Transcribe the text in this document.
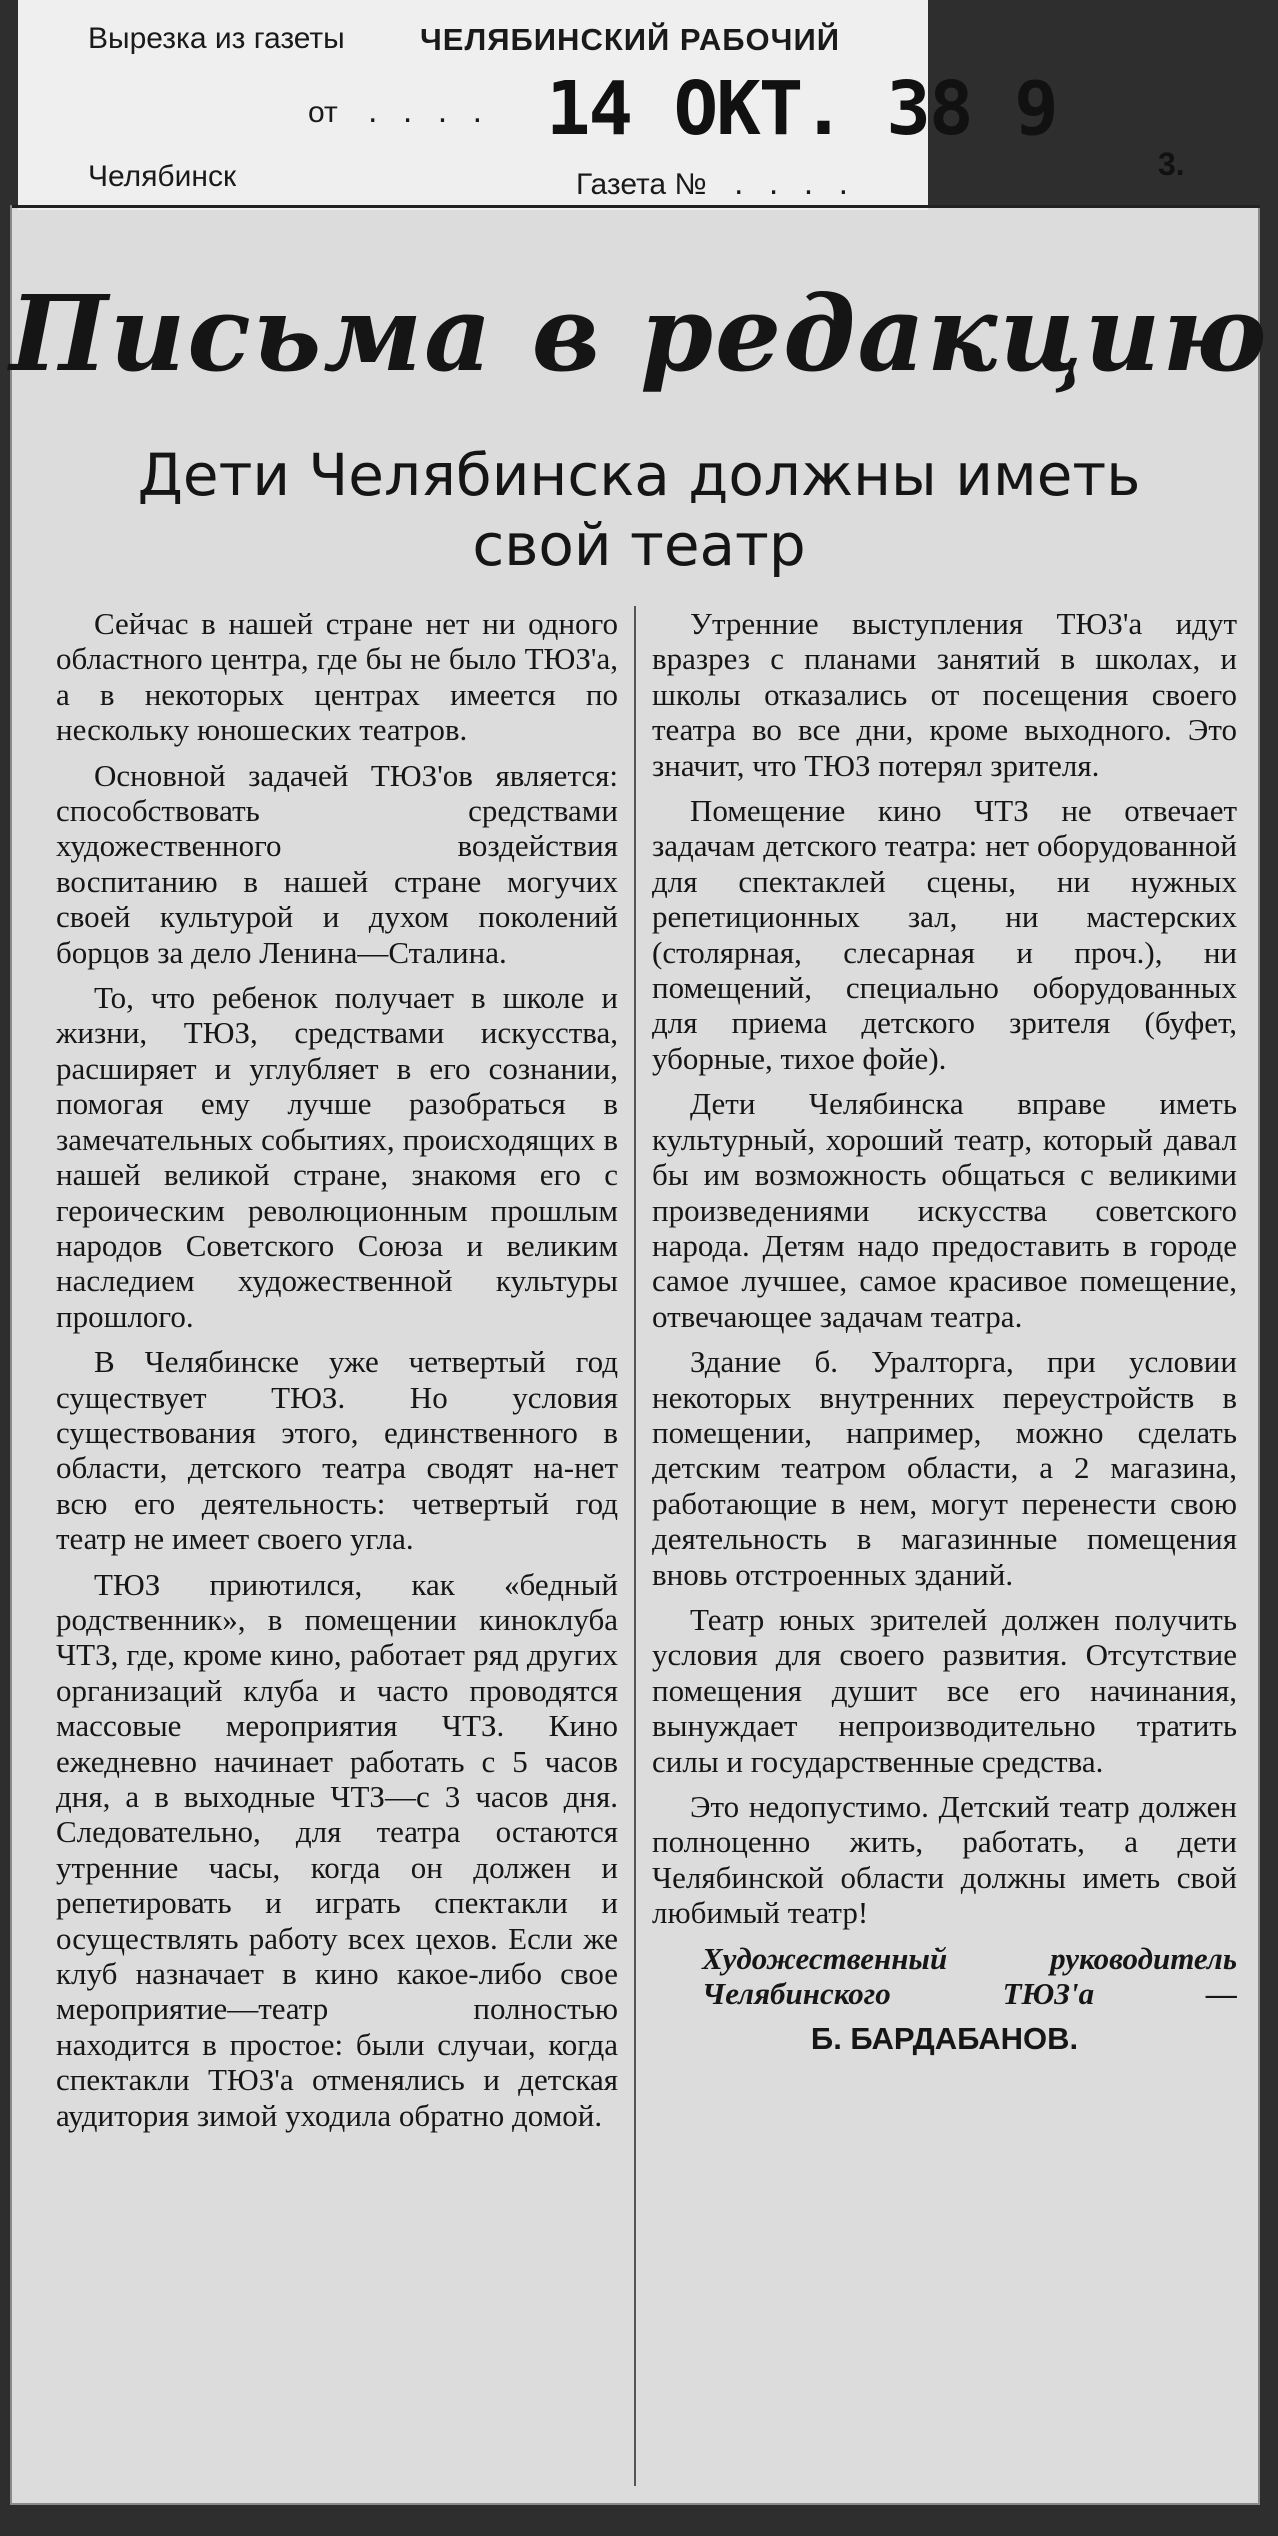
Вырезка из газеты ЧЕЛЯБИНСКИЙ РАБОЧИЙ
от . . . . 14 ОКТ. 38 9
Челябинск	Газета № . . . .	3.
Письма в редакцию
Дети Челябинска должны иметь
свой театр

Сейчас в нашей стране нет ни одного областного центра, где бы не было ТЮЗ'а, а в некоторых центрах имеется по нескольку юношеских театров.

Основной задачей ТЮЗ'ов является: способствовать средствами художественного воздействия воспитанию в нашей стране могучих своей культурой и духом поколений борцов за дело Ленина—Сталина.

То, что ребенок получает в школе и жизни, ТЮЗ, средствами искусства, расширяет и углубляет в его сознании, помогая ему лучше разобраться в замечательных событиях, происходящих в нашей великой стране, знакомя его с героическим революционным прошлым народов Советского Союза и великим наследием художественной культуры прошлого.

В Челябинске уже четвертый год существует ТЮЗ. Но условия существования этого, единственного в области, детского театра сводят на-нет всю его деятельность: четвертый год театр не имеет своего угла.

ТЮЗ приютился, как «бедный родственник», в помещении киноклуба ЧТЗ, где, кроме кино, работает ряд других организаций клуба и часто проводятся массовые мероприятия ЧТЗ. Кино ежедневно начинает работать с 5 часов дня, а в выходные ЧТЗ—с 3 часов дня. Следовательно, для театра остаются утренние часы, когда он должен и репетировать и играть спектакли и осуществлять работу всех цехов. Если же клуб назначает в кино какое-либо свое мероприятие—театр полностью находится в простое: были случаи, когда спектакли ТЮЗ'а отменялись и детская аудитория зимой уходила обратно домой.

Утренние выступления ТЮЗ'а идут вразрез с планами занятий в школах, и школы отказались от посещения своего театра во все дни, кроме выходного. Это значит, что ТЮЗ потерял зрителя.

Помещение кино ЧТЗ не отвечает задачам детского театра: нет оборудованной для спектаклей сцены, ни нужных репетиционных зал, ни мастерских (столярная, слесарная и проч.), ни помещений, специально оборудованных для приема детского зрителя (буфет, уборные, тихое фойе).

Дети Челябинска вправе иметь культурный, хороший театр, который давал бы им возможность общаться с великими произведениями искусства советского народа. Детям надо предоставить в городе самое лучшее, самое красивое помещение, отвечающее задачам театра.

Здание б. Уралторга, при условии некоторых внутренних переустройств в помещении, например, можно сделать детским театром области, а 2 магазина, работающие в нем, могут перенести свою деятельность в магазинные помещения вновь отстроенных зданий.

Театр юных зрителей должен получить условия для своего развития. Отсутствие помещения душит все его начинания, вынуждает непроизводительно тратить силы и государственные средства.

Это недопустимо. Детский театр должен полноценно жить, работать, а дети Челябинской области должны иметь свой любимый театр!

Художественный руководитель Челябинского ТЮЗ'а —

Б. БАРДАБАНОВ.
